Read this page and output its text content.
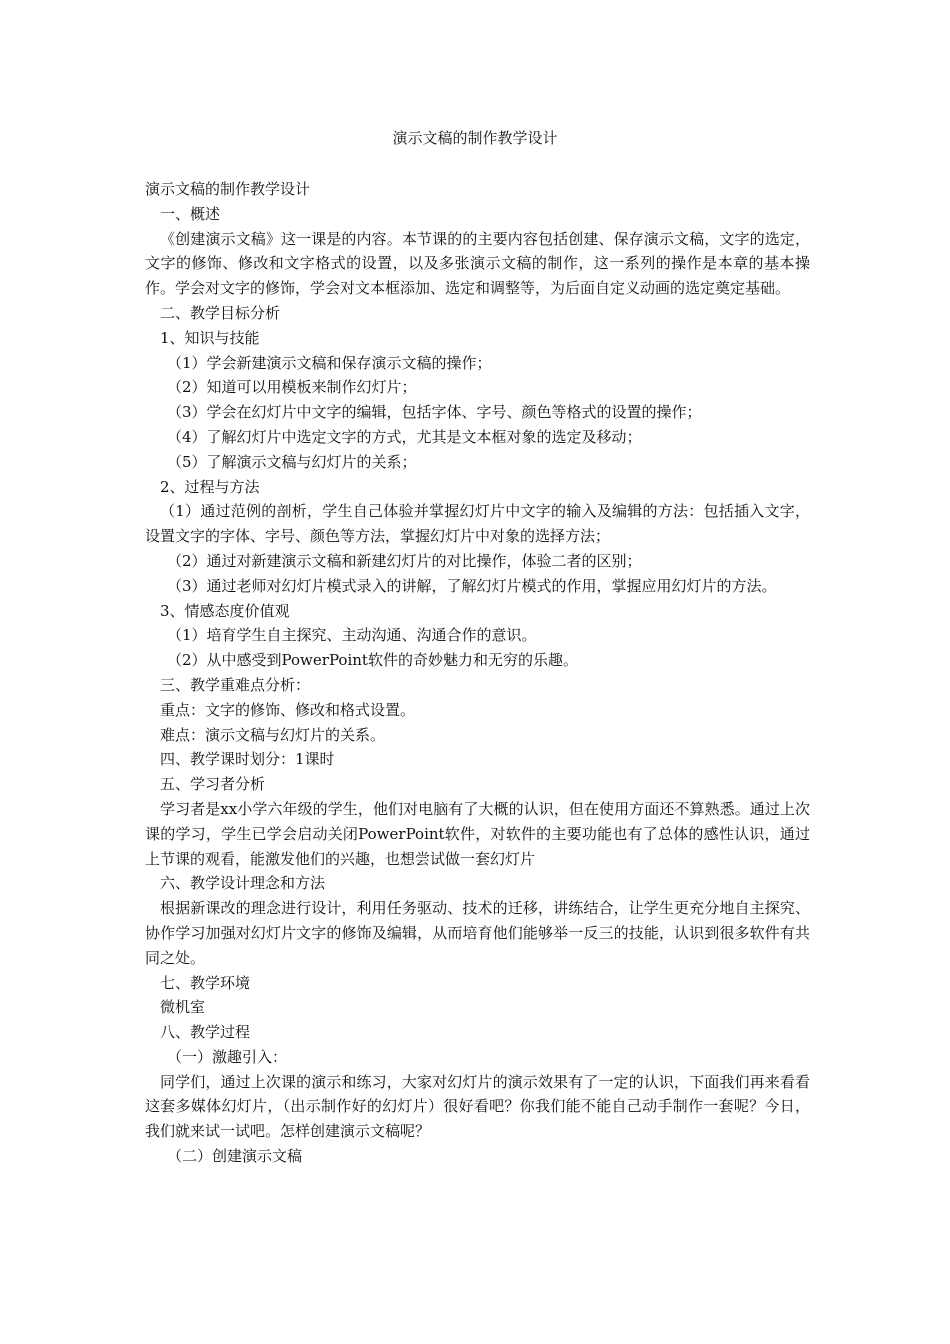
演示文稿的制作教学设计
演示文稿的制作教学设计
一、概述
《创建演示文稿》这一课是的内容。本节课的的主要内容包括创建、保存演示文稿，文字的选定，文字的修饰、修改和文字格式的设置，以及多张演示文稿的制作，这一系列的操作是本章的基本操作。学会对文字的修饰，学会对文本框添加、选定和调整等，为后面自定义动画的选定奠定基础。
二、教学目标分析
1、知识与技能
（1）学会新建演示文稿和保存演示文稿的操作；
（2）知道可以用模板来制作幻灯片；
（3）学会在幻灯片中文字的编辑，包括字体、字号、颜色等格式的设置的操作；
（4）了解幻灯片中选定文字的方式，尤其是文本框对象的选定及移动；
（5）了解演示文稿与幻灯片的关系；
2、过程与方法
（1）通过范例的剖析，学生自己体验并掌握幻灯片中文字的输入及编辑的方法：包括插入文字，设置文字的字体、字号、颜色等方法，掌握幻灯片中对象的选择方法；
（2）通过对新建演示文稿和新建幻灯片的对比操作，体验二者的区别；
（3）通过老师对幻灯片模式录入的讲解，了解幻灯片模式的作用，掌握应用幻灯片的方法。
3、情感态度价值观
（1）培育学生自主探究、主动沟通、沟通合作的意识。
（2）从中感受到PowerPoint软件的奇妙魅力和无穷的乐趣。
三、教学重难点分析：
重点：文字的修饰、修改和格式设置。
难点：演示文稿与幻灯片的关系。
四、教学课时划分：1课时
五、学习者分析
学习者是xx小学六年级的学生，他们对电脑有了大概的认识，但在使用方面还不算熟悉。通过上次课的学习，学生已学会启动关闭PowerPoint软件，对软件的主要功能也有了总体的感性认识，通过上节课的观看，能激发他们的兴趣，也想尝试做一套幻灯片
六、教学设计理念和方法
根据新课改的理念进行设计，利用任务驱动、技术的迁移，讲练结合，让学生更充分地自主探究、协作学习加强对幻灯片文字的修饰及编辑，从而培育他们能够举一反三的技能，认识到很多软件有共同之处。
七、教学环境
微机室
八、教学过程
（一）激趣引入：
同学们，通过上次课的演示和练习，大家对幻灯片的演示效果有了一定的认识，下面我们再来看看这套多媒体幻灯片，（出示制作好的幻灯片）很好看吧？你我们能不能自己动手制作一套呢？今日，我们就来试一试吧。怎样创建演示文稿呢？
（二）创建演示文稿
